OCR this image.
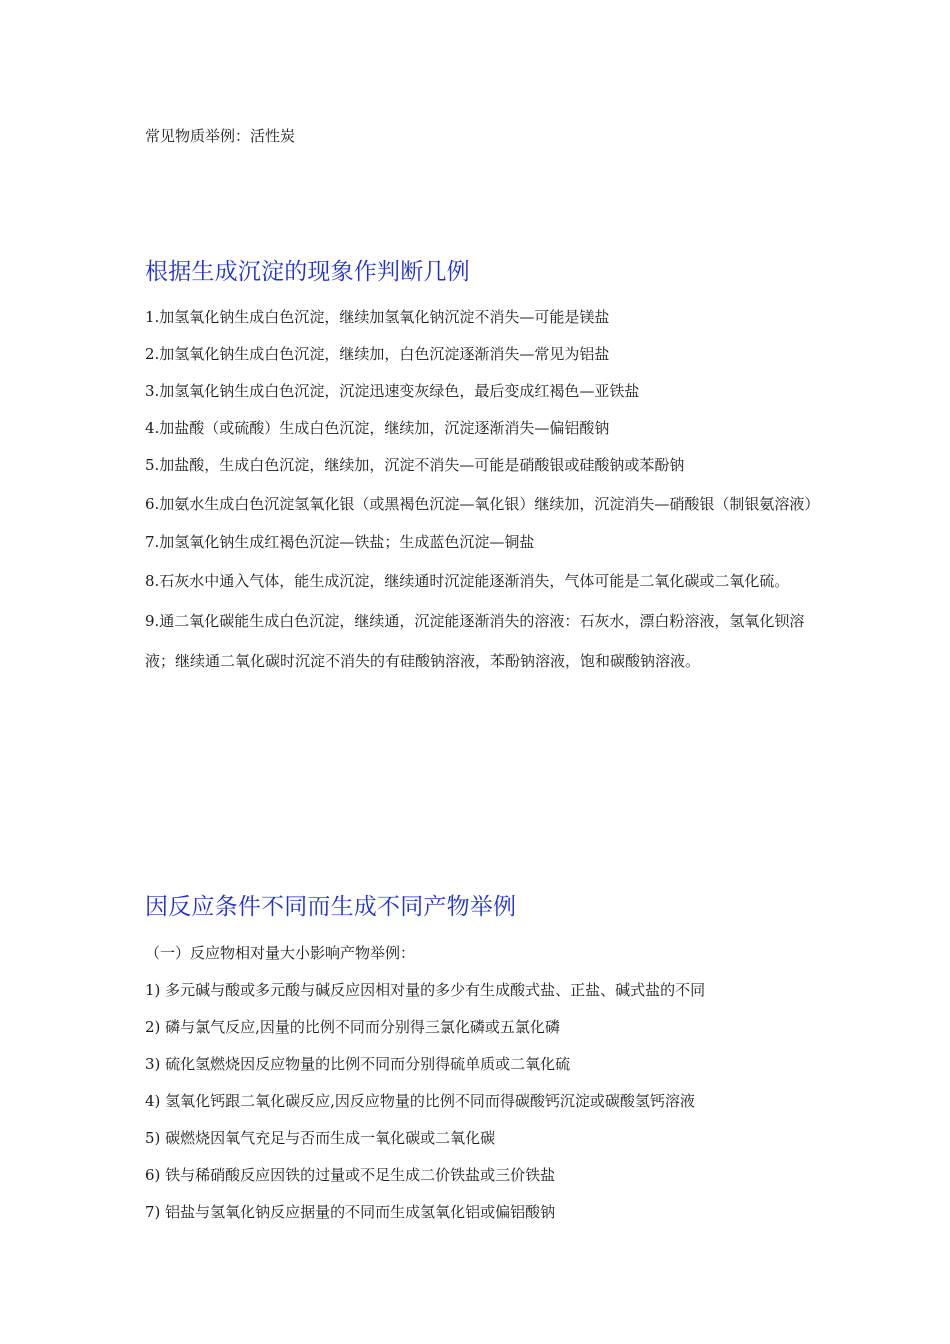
常见物质举例：活性炭
根据生成沉淀的现象作判断几例

1.加氢氧化钠生成白色沉淀，继续加氢氧化钠沉淀不消失—可能是镁盐

2.加氢氧化钠生成白色沉淀，继续加，白色沉淀逐渐消失—常见为铝盐

3.加氢氧化钠生成白色沉淀，沉淀迅速变灰绿色，最后变成红褐色—亚铁盐

4.加盐酸（或硫酸）生成白色沉淀，继续加，沉淀逐渐消失—偏铝酸钠

5.加盐酸，生成白色沉淀，继续加，沉淀不消失—可能是硝酸银或硅酸钠或苯酚钠

6.加氨水生成白色沉淀氢氧化银（或黑褐色沉淀—氧化银）继续加，沉淀消失—硝酸银（制银氨溶液）

7.加氢氧化钠生成红褐色沉淀—铁盐；生成蓝色沉淀—铜盐

8.石灰水中通入气体，能生成沉淀，继续通时沉淀能逐渐消失，气体可能是二氧化碳或二氧化硫。

9.通二氧化碳能生成白色沉淀，继续通，沉淀能逐渐消失的溶液：石灰水，漂白粉溶液，氢氧化钡溶液；继续通二氧化碳时沉淀不消失的有硅酸钠溶液，苯酚钠溶液，饱和碳酸钠溶液。

因反应条件不同而生成不同产物举例

（一）反应物相对量大小影响产物举例：

1) 多元碱与酸或多元酸与碱反应因相对量的多少有生成酸式盐、正盐、碱式盐的不同

2) 磷与氯气反应,因量的比例不同而分别得三氯化磷或五氯化磷

3) 硫化氢燃烧因反应物量的比例不同而分别得硫单质或二氧化硫

4) 氢氧化钙跟二氧化碳反应,因反应物量的比例不同而得碳酸钙沉淀或碳酸氢钙溶液

5) 碳燃烧因氧气充足与否而生成一氧化碳或二氧化碳

6) 铁与稀硝酸反应因铁的过量或不足生成二价铁盐或三价铁盐

7) 铝盐与氢氧化钠反应据量的不同而生成氢氧化铝或偏铝酸钠
